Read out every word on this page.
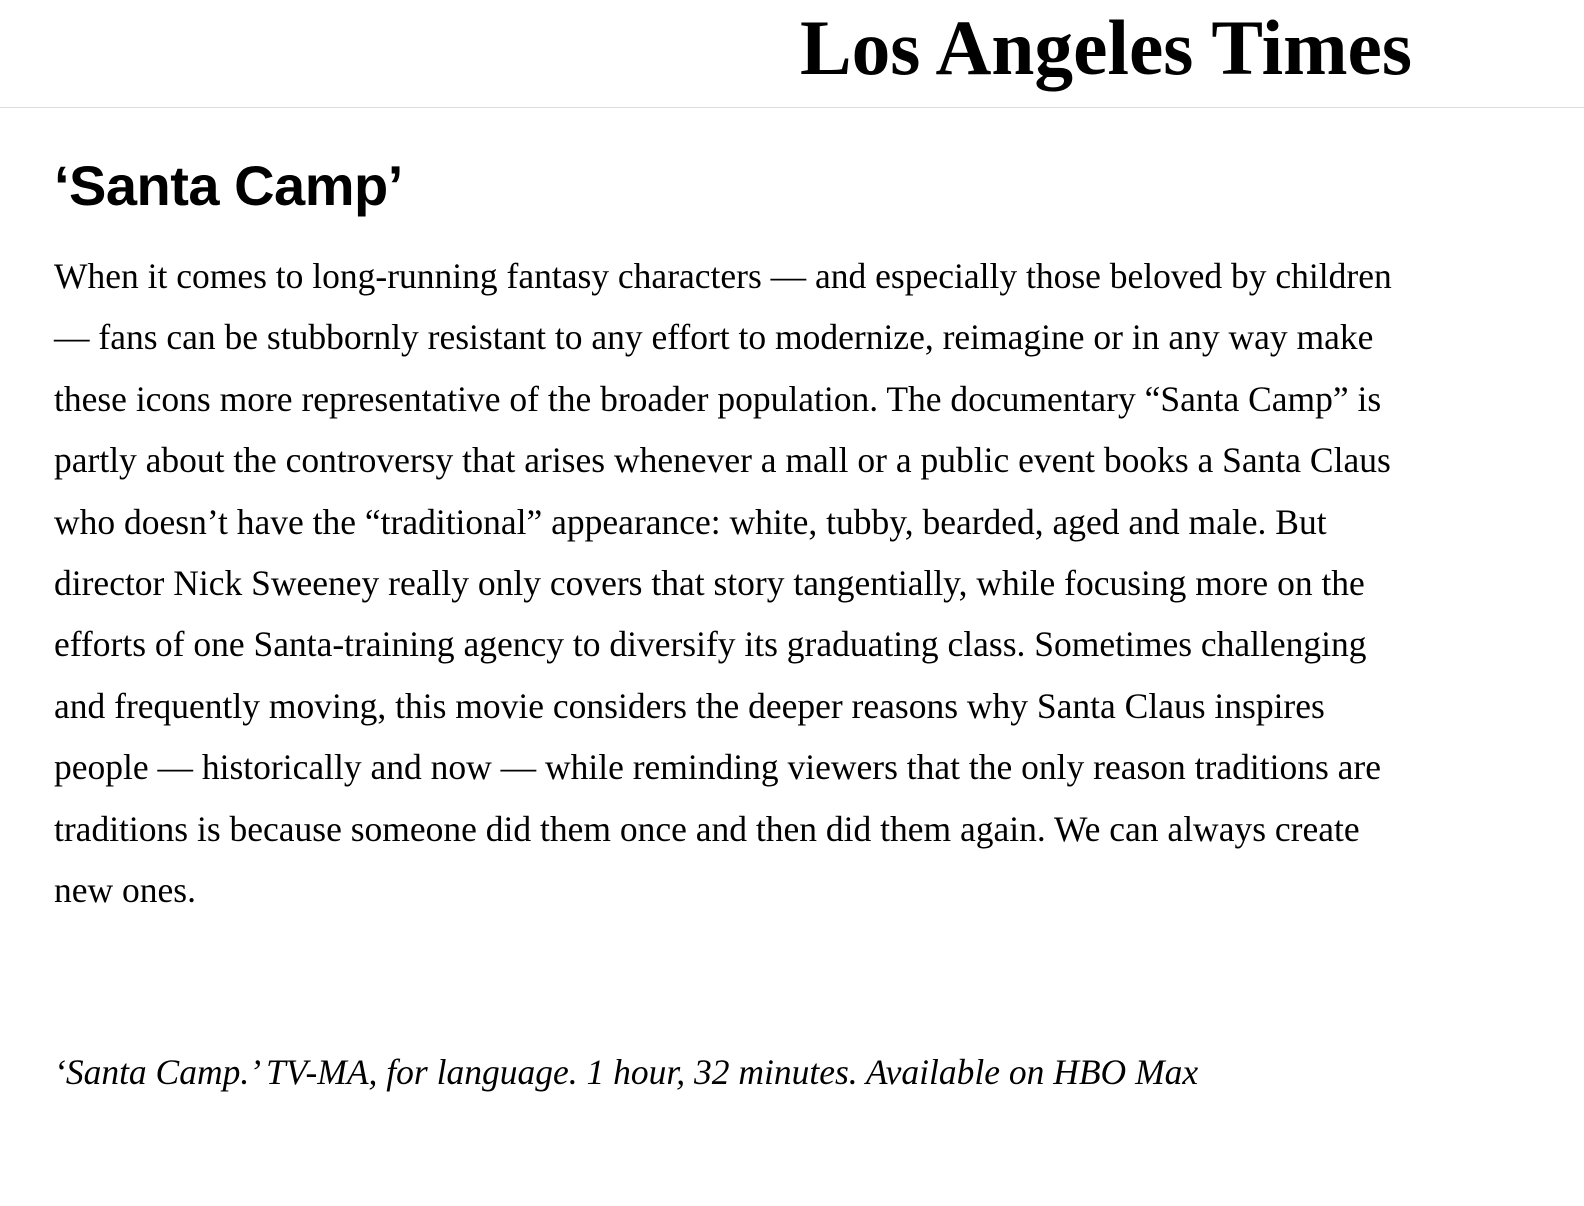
Los Angeles Times
‘Santa Camp’

When it comes to long-running fantasy characters — and especially those beloved by children — fans can be stubbornly resistant to any effort to modernize, reimagine or in any way make these icons more representative of the broader population. The documentary “Santa Camp” is partly about the controversy that arises whenever a mall or a public event books a Santa Claus who doesn’t have the “traditional” appearance: white, tubby, bearded, aged and male. But director Nick Sweeney really only covers that story tangentially, while focusing more on the efforts of one Santa-training agency to diversify its graduating class. Sometimes challenging and frequently moving, this movie considers the deeper reasons why Santa Claus inspires people — historically and now — while reminding viewers that the only reason traditions are traditions is because someone did them once and then did them again. We can always create new ones.

‘Santa Camp.’ TV-MA, for language. 1 hour, 32 minutes. Available on HBO Max
